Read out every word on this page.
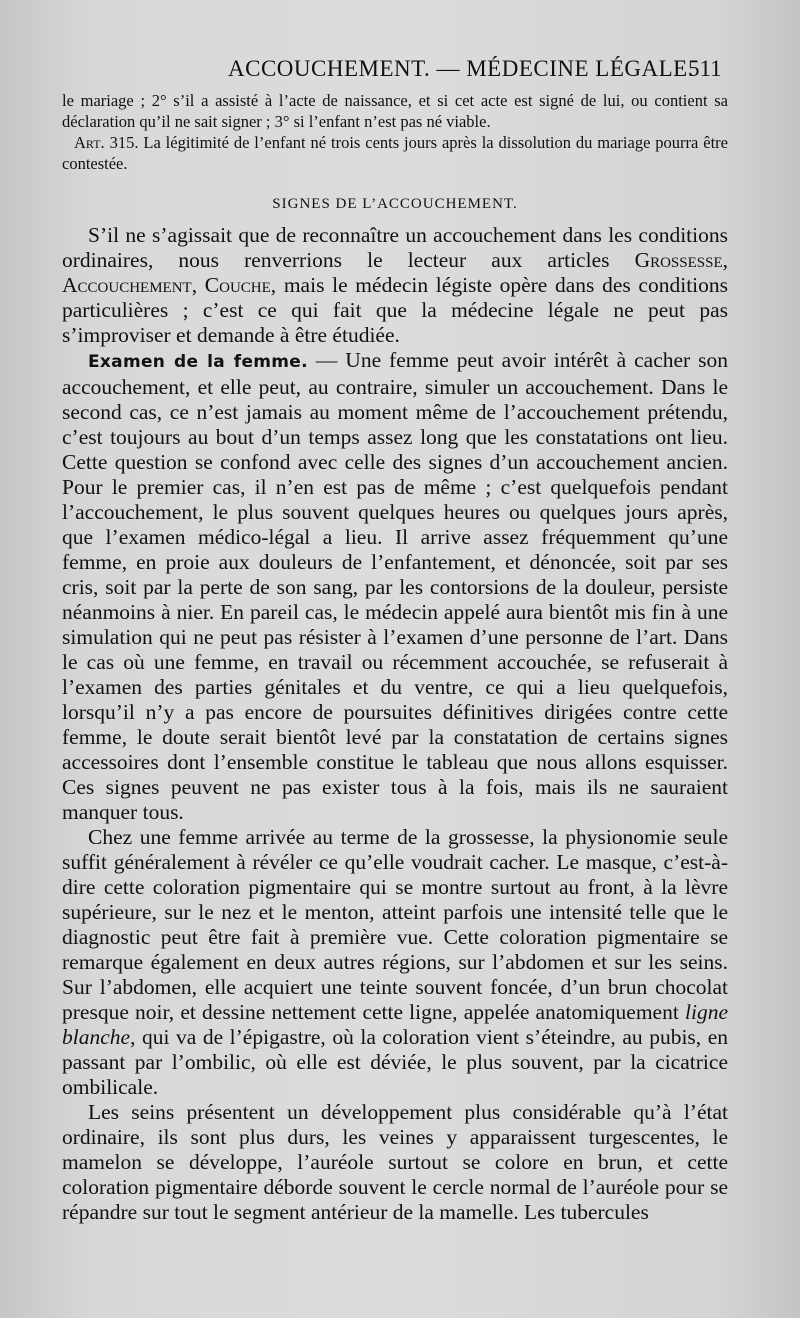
ACCOUCHEMENT. — MÉDECINE LÉGALE.
511

le mariage ; 2° s’il a assisté à l’acte de naissance, et si cet acte est signé de lui, ou contient sa déclaration qu’il ne sait signer ; 3° si l’enfant n’est pas né viable.

Art. 315. La légitimité de l’enfant né trois cents jours après la dissolution du mariage pourra être contestée.

SIGNES DE L’ACCOUCHEMENT.

S’il ne s’agissait que de reconnaître un accouchement dans les conditions ordinaires, nous renverrions le lecteur aux articles Grossesse, Accouchement, Couche, mais le médecin légiste opère dans des conditions particulières ; c’est ce qui fait que la médecine légale ne peut pas s’improviser et demande à être étudiée.

Examen de la femme. — Une femme peut avoir intérêt à cacher son accouchement, et elle peut, au contraire, simuler un accouchement. Dans le second cas, ce n’est jamais au moment même de l’accouchement prétendu, c’est toujours au bout d’un temps assez long que les constatations ont lieu. Cette question se confond avec celle des signes d’un accouchement ancien. Pour le premier cas, il n’en est pas de même ; c’est quelquefois pendant l’accouchement, le plus souvent quelques heures ou quelques jours après, que l’examen médico-légal a lieu. Il arrive assez fréquemment qu’une femme, en proie aux douleurs de l’enfantement, et dénoncée, soit par ses cris, soit par la perte de son sang, par les contorsions de la douleur, persiste néanmoins à nier. En pareil cas, le médecin appelé aura bientôt mis fin à une simulation qui ne peut pas résister à l’examen d’une personne de l’art. Dans le cas où une femme, en travail ou récemment accouchée, se refuserait à l’examen des parties génitales et du ventre, ce qui a lieu quelquefois, lorsqu’il n’y a pas encore de poursuites définitives dirigées contre cette femme, le doute serait bientôt levé par la constatation de certains signes accessoires dont l’ensemble constitue le tableau que nous allons esquisser. Ces signes peuvent ne pas exister tous à la fois, mais ils ne sauraient manquer tous.

Chez une femme arrivée au terme de la grossesse, la physionomie seule suffit généralement à révéler ce qu’elle voudrait cacher. Le masque, c’est-à-dire cette coloration pigmentaire qui se montre surtout au front, à la lèvre supérieure, sur le nez et le menton, atteint parfois une intensité telle que le diagnostic peut être fait à première vue. Cette coloration pigmentaire se remarque également en deux autres régions, sur l’abdomen et sur les seins. Sur l’abdomen, elle acquiert une teinte souvent foncée, d’un brun chocolat presque noir, et dessine nettement cette ligne, appelée anatomiquement ligne blanche, qui va de l’épigastre, où la coloration vient s’éteindre, au pubis, en passant par l’ombilic, où elle est déviée, le plus souvent, par la cicatrice ombilicale.

Les seins présentent un développement plus considérable qu’à l’état ordinaire, ils sont plus durs, les veines y apparaissent turgescentes, le mamelon se développe, l’auréole surtout se colore en brun, et cette coloration pigmentaire déborde souvent le cercle normal de l’auréole pour se répandre sur tout le segment antérieur de la mamelle. Les tubercules
